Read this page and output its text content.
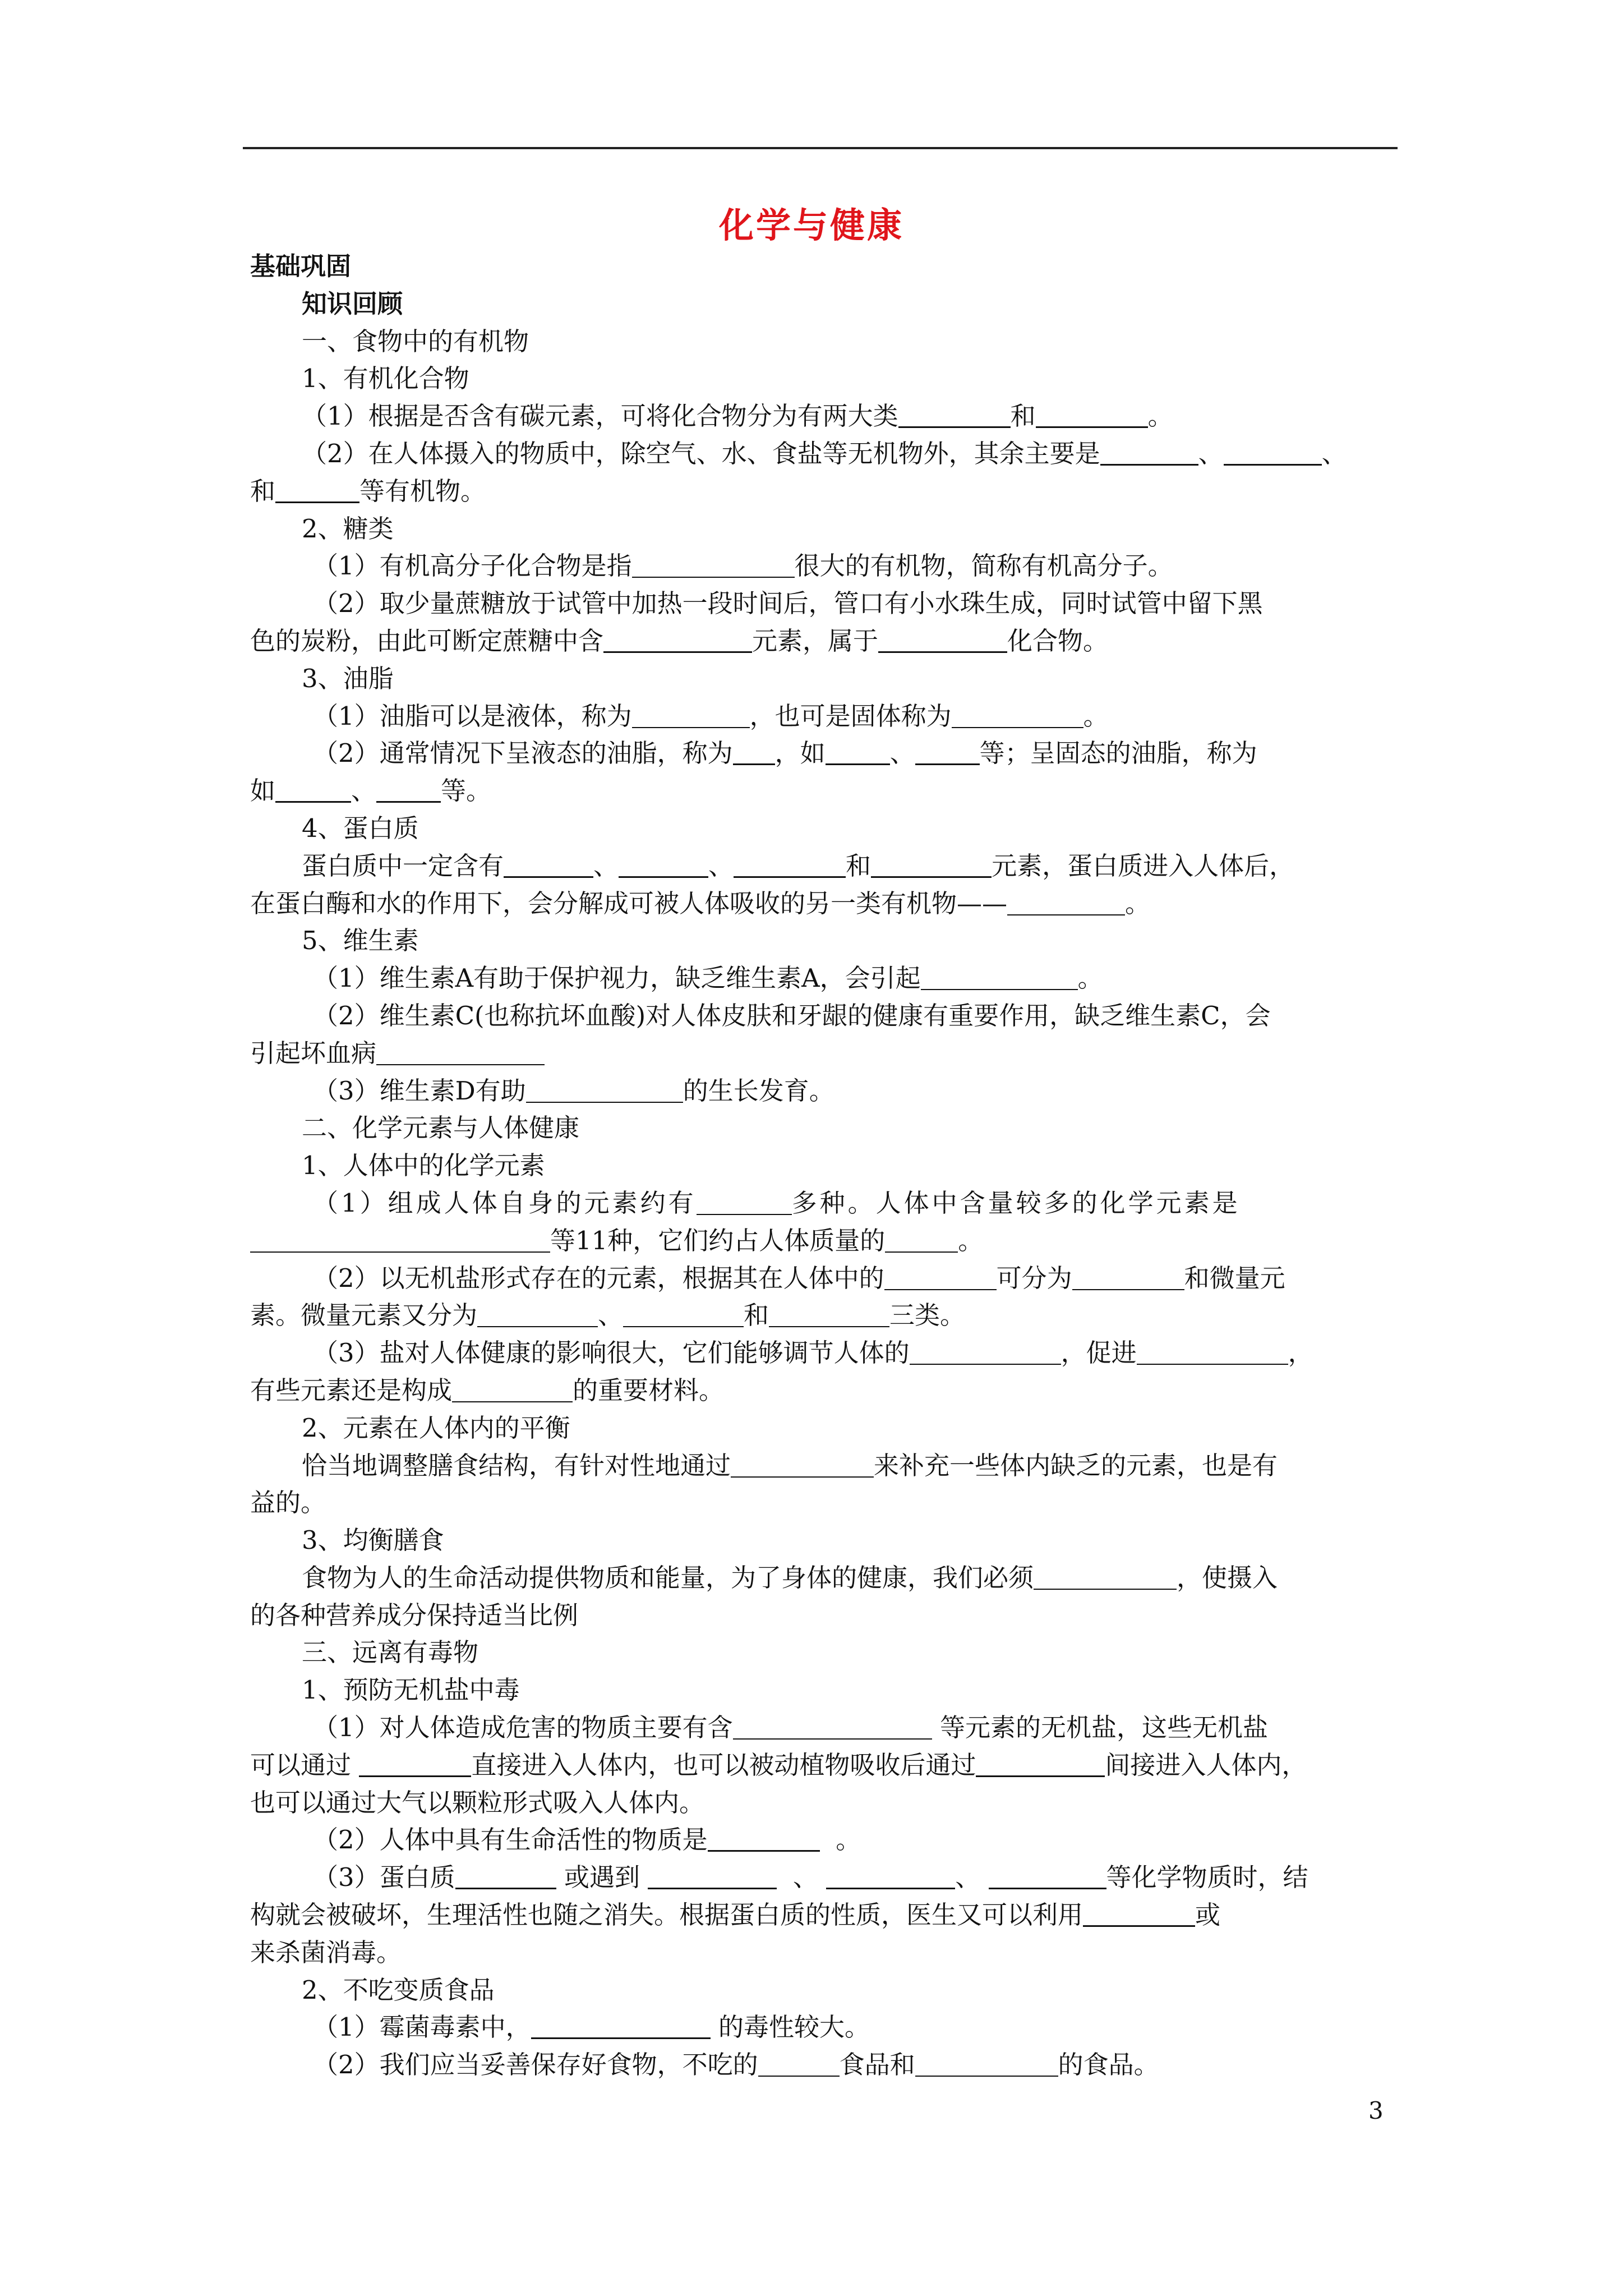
化学与健康
基础巩固
知识回顾
一、食物中的有机物
1、有机化合物
（1）根据是否含有碳元素，可将化合物分为有两大类	和	。
（2）在人体摄入的物质中，除空气、水、食盐等无机物外，其余主要是	、	、
和	等有机物。
2、糖类
（1）有机高分子化合物是指	很大的有机物，简称有机高分子。
（2）取少量蔗糖放于试管中加热一段时间后，管口有小水珠生成，同时试管中留下黑
色的炭粉，由此可断定蔗糖中含	元素，属于	化合物。
3、油脂
（1）油脂可以是液体，称为	，也可是固体称为	。
（2）通常情况下呈液态的油脂，称为 ，如	、	等；呈固态的油脂，称为
如	、	等。
4、蛋白质
蛋白质中一定含有	、	、	和	元素，蛋白质进入人体后，
在蛋白酶和水的作用下，会分解成可被人体吸收的另一类有机物——	。
5、维生素
（1）维生素A有助于保护视力，缺乏维生素A，会引起	。
（2）维生素C(也称抗坏血酸)对人体皮肤和牙龈的健康有重要作用，缺乏维生素C，会
引起坏血病
（3）维生素D有助	的生长发育。
二、化学元素与人体健康
1、人体中的化学元素
（1）组成人体自身的元素约有	多种。人体中含量较多的化学元素是
等11种，它们约占人体质量的	。
（2）以无机盐形式存在的元素，根据其在人体中的	可分为	和微量元
素。微量元素又分为	、	和	三类。
（3）盐对人体健康的影响很大，它们能够调节人体的	，促进	，
有些元素还是构成	的重要材料。
2、元素在人体内的平衡
恰当地调整膳食结构，有针对性地通过	来补充一些体内缺乏的元素，也是有
益的。
3、均衡膳食
食物为人的生命活动提供物质和能量，为了身体的健康，我们必须	，使摄入
的各种营养成分保持适当比例
三、远离有毒物
1、预防无机盐中毒
（1）对人体造成危害的物质主要有含	等元素的无机盐，这些无机盐
可以通过	直接进入人体内，也可以被动植物吸收后通过	间接进入人体内，
也可以通过大气以颗粒形式吸入人体内。
（2）人体中具有生命活性的物质是	。
（3）蛋白质	或遇到	、	、	等化学物质时，结
构就会被破坏，生理活性也随之消失。根据蛋白质的性质，医生又可以利用	或
来杀菌消毒。
2、不吃变质食品
（1）霉菌毒素中，	的毒性较大。
（2）我们应当妥善保存好食物，不吃的	食品和	的食品。
3
